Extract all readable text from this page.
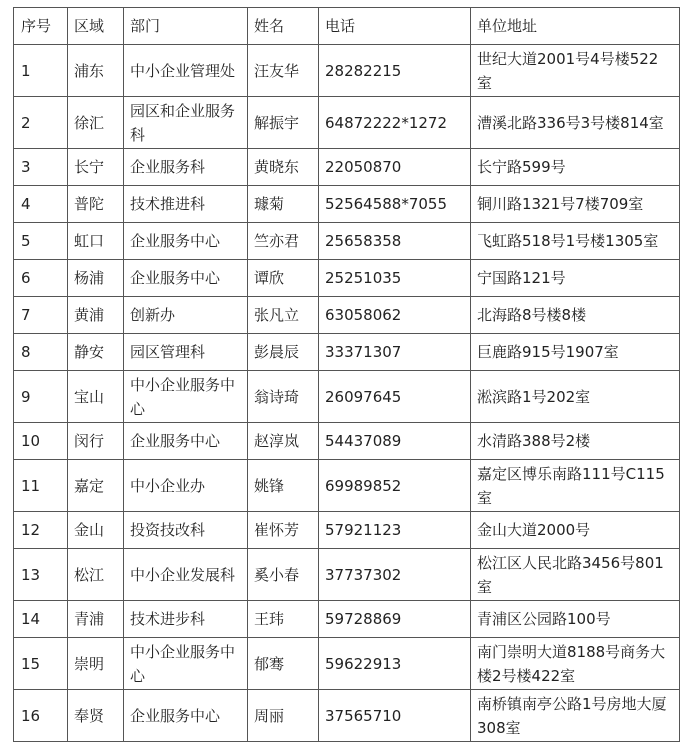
序号	区域	部门	姓名	电话	单位地址
1	浦东	中小企业管理处	汪友华	28282215	世纪大道2001号4号楼522室
2	徐汇	园区和企业服务科	解振宇	64872222*1272	漕溪北路336号3号楼814室
3	长宁	企业服务科	黄晓东	22050870	长宁路599号
4	普陀	技术推进科	璩菊	52564588*7055	铜川路1321号7楼709室
5	虹口	企业服务中心	竺亦君	25658358	飞虹路518号1号楼1305室
6	杨浦	企业服务中心	谭欣	25251035	宁国路121号
7	黄浦	创新办	张凡立	63058062	北海路8号楼8楼
8	静安	园区管理科	彭晨辰	33371307	巨鹿路915号1907室
9	宝山	中小企业服务中心	翁诗琦	26097645	淞滨路1号202室
10	闵行	企业服务中心	赵淳岚	54437089	水清路388号2楼
11	嘉定	中小企业办	姚锋	69989852	嘉定区博乐南路111号C115室
12	金山	投资技改科	崔怀芳	57921123	金山大道2000号
13	松江	中小企业发展科	奚小春	37737302	松江区人民北路3456号801室
14	青浦	技术进步科	王玮	59728869	青浦区公园路100号
15	崇明	中小企业服务中心	郁骞	59622913	南门崇明大道8188号商务大楼2号楼422室
16	奉贤	企业服务中心	周丽	37565710	南桥镇南亭公路1号房地大厦308室
